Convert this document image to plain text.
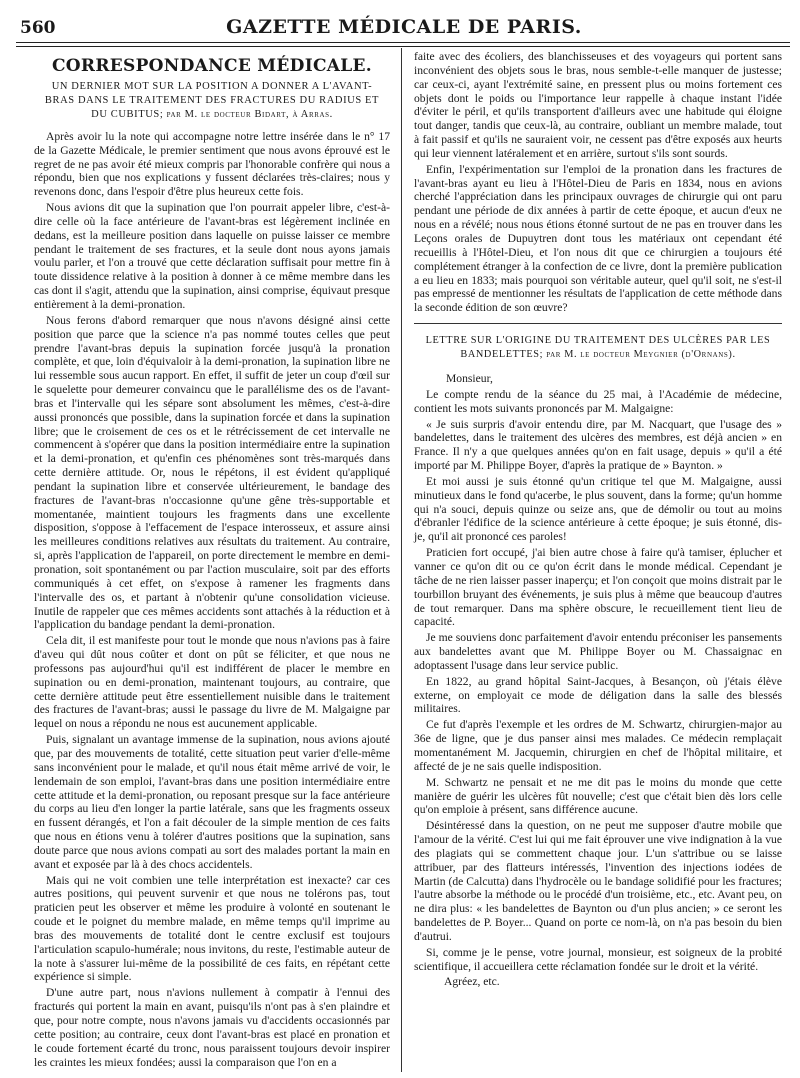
560	GAZETTE MÉDICALE DE PARIS.
CORRESPONDANCE MÉDICALE.
UN DERNIER MOT SUR LA POSITION A DONNER A L'AVANT-BRAS DANS LE TRAITEMENT DES FRACTURES DU RADIUS ET DU CUBITUS; par M. le docteur Bidart, à Arras.

Après avoir lu la note qui accompagne notre lettre insérée dans le n° 17 de la Gazette Médicale, le premier sentiment que nous avons éprouvé est le regret de ne pas avoir été mieux compris par l'honorable confrère qui nous a répondu, bien que nos explications y fussent déclarées très-claires; nous y revenons donc, dans l'espoir d'être plus heureux cette fois.

Nous avions dit que la supination que l'on pourrait appeler libre, c'est-à-dire celle où la face antérieure de l'avant-bras est légèrement inclinée en dedans, est la meilleure position dans laquelle on puisse laisser ce membre pendant le traitement de ses fractures, et la seule dont nous ayons jamais voulu parler, et l'on a trouvé que cette déclaration suffisait pour mettre fin à toute dissidence relative à la position à donner à ce même membre dans les cas dont il s'agit, attendu que la supination, ainsi comprise, équivaut presque entièrement à la demi-pronation.

Nous ferons d'abord remarquer que nous n'avons désigné ainsi cette position que parce que la science n'a pas nommé toutes celles que peut prendre l'avant-bras depuis la supination forcée jusqu'à la pronation complète, et que, loin d'équivaloir à la demi-pronation, la supination libre ne lui ressemble sous aucun rapport. En effet, il suffit de jeter un coup d'œil sur le squelette pour demeurer convaincu que le parallélisme des os de l'avant-bras et l'intervalle qui les sépare sont absolument les mêmes, c'est-à-dire aussi prononcés que possible, dans la supination forcée et dans la supination libre; que le croisement de ces os et le rétrécissement de cet intervalle ne commencent à s'opérer que dans la position intermédiaire entre la supination et la demi-pronation, et qu'enfin ces phénomènes sont très-marqués dans cette dernière attitude. Or, nous le répétons, il est évident qu'appliqué pendant la supination libre et conservée ultérieurement, le bandage des fractures de l'avant-bras n'occasionne qu'une gêne très-supportable et momentanée, maintient toujours les fragments dans une excellente disposition, s'oppose à l'effacement de l'espace interosseux, et assure ainsi les meilleures conditions relatives aux résultats du traitement. Au contraire, si, après l'application de l'appareil, on porte directement le membre en demi-pronation, soit spontanément ou par l'action musculaire, soit par des efforts communiqués à cet effet, on s'expose à ramener les fragments dans l'intervalle des os, et partant à n'obtenir qu'une consolidation vicieuse. Inutile de rappeler que ces mêmes accidents sont attachés à la réduction et à l'application du bandage pendant la demi-pronation.

Cela dit, il est manifeste pour tout le monde que nous n'avions pas à faire d'aveu qui dût nous coûter et dont on pût se féliciter, et que nous ne professons pas aujourd'hui qu'il est indifférent de placer le membre en supination ou en demi-pronation, maintenant toujours, au contraire, que cette dernière attitude peut être essentiellement nuisible dans le traitement des fractures de l'avant-bras; aussi le passage du livre de M. Malgaigne par lequel on nous a répondu ne nous est aucunement applicable.

Puis, signalant un avantage immense de la supination, nous avions ajouté que, par des mouvements de totalité, cette situation peut varier d'elle-même sans inconvénient pour le malade, et qu'il nous était même arrivé de voir, le lendemain de son emploi, l'avant-bras dans une position intermédiaire entre cette attitude et la demi-pronation, ou reposant presque sur la face antérieure du corps au lieu d'en longer la partie latérale, sans que les fragments osseux en fussent dérangés, et l'on a fait découler de la simple mention de ces faits que nous en étions venu à tolérer d'autres positions que la supination, sans doute parce que nous avions compati au sort des malades portant la main en avant et exposée par là à des chocs accidentels.

Mais qui ne voit combien une telle interprétation est inexacte? car ces autres positions, qui peuvent survenir et que nous ne tolérons pas, tout praticien peut les observer et même les produire à volonté en soutenant le coude et le poignet du membre malade, en même temps qu'il imprime au bras des mouvements de totalité dont le centre exclusif est toujours l'articulation scapulo-humérale; nous invitons, du reste, l'estimable auteur de la note à s'assurer lui-même de la possibilité de ces faits, en répétant cette expérience si simple.

D'une autre part, nous n'avions nullement à compatir à l'ennui des fracturés qui portent la main en avant, puisqu'ils n'ont pas à s'en plaindre et que, pour notre compte, nous n'avons jamais vu d'accidents occasionnés par cette position; au contraire, ceux dont l'avant-bras est placé en pronation et le coude fortement écarté du tronc, nous paraissent toujours devoir inspirer les craintes les mieux fondées; aussi la comparaison que l'on en a

faite avec des écoliers, des blanchisseuses et des voyageurs qui portent sans inconvénient des objets sous le bras, nous semble-t-elle manquer de justesse; car ceux-ci, ayant l'extrémité saine, en pressent plus ou moins fortement ces objets dont le poids ou l'importance leur rappelle à chaque instant l'idée d'éviter le péril, et qu'ils transportent d'ailleurs avec une habitude qui éloigne tout danger, tandis que ceux-là, au contraire, oubliant un membre malade, tout à fait passif et qu'ils ne sauraient voir, ne cessent pas d'être exposés aux heurts qui leur viennent latéralement et en arrière, surtout s'ils sont sourds.

Enfin, l'expérimentation sur l'emploi de la pronation dans les fractures de l'avant-bras ayant eu lieu à l'Hôtel-Dieu de Paris en 1834, nous en avions cherché l'appréciation dans les principaux ouvrages de chirurgie qui ont paru pendant une période de dix années à partir de cette époque, et aucun d'eux ne nous en a révélé; nous nous étions étonné surtout de ne pas en trouver dans les Leçons orales de Dupuytren dont tous les matériaux ont cependant été recueillis à l'Hôtel-Dieu, et l'on nous dit que ce chirurgien a toujours été complétement étranger à la confection de ce livre, dont la première publication a eu lieu en 1833; mais pourquoi son véritable auteur, quel qu'il soit, ne s'est-il pas empressé de mentionner les résultats de l'application de cette méthode dans la seconde édition de son œuvre?

LETTRE SUR L'ORIGINE DU TRAITEMENT DES ULCÈRES PAR LES BANDELETTES; par M. le docteur Meygnier (d'Ornans).

Monsieur,

Le compte rendu de la séance du 25 mai, à l'Académie de médecine, contient les mots suivants prononcés par M. Malgaigne:

« Je suis surpris d'avoir entendu dire, par M. Nacquart, que l'usage des » bandelettes, dans le traitement des ulcères des membres, est déjà ancien » en France. Il n'y a que quelques années qu'on en fait usage, depuis » qu'il a été importé par M. Philippe Boyer, d'après la pratique de » Baynton. »

Et moi aussi je suis étonné qu'un critique tel que M. Malgaigne, aussi minutieux dans le fond qu'acerbe, le plus souvent, dans la forme; qu'un homme qui n'a souci, depuis quinze ou seize ans, que de démolir ou tout au moins d'ébranler l'édifice de la science antérieure à cette époque; je suis étonné, dis-je, qu'il ait prononcé ces paroles!

Praticien fort occupé, j'ai bien autre chose à faire qu'à tamiser, éplucher et vanner ce qu'on dit ou ce qu'on écrit dans le monde médical. Cependant je tâche de ne rien laisser passer inaperçu; et l'on conçoit que moins distrait par le tourbillon bruyant des événements, je suis plus à même que beaucoup d'autres de tout remarquer. Dans ma sphère obscure, le recueillement tient lieu de capacité.

Je me souviens donc parfaitement d'avoir entendu préconiser les pansements aux bandelettes avant que M. Philippe Boyer ou M. Chassaignac en adoptassent l'usage dans leur service public.

En 1822, au grand hôpital Saint-Jacques, à Besançon, où j'étais élève externe, on employait ce mode de déligation dans la salle des blessés militaires.

Ce fut d'après l'exemple et les ordres de M. Schwartz, chirurgien-major au 36e de ligne, que je dus panser ainsi mes malades. Ce médecin remplaçait momentanément M. Jacquemin, chirurgien en chef de l'hôpital militaire, et affecté de je ne sais quelle indisposition.

M. Schwartz ne pensait et ne me dit pas le moins du monde que cette manière de guérir les ulcères fût nouvelle; c'est que c'était bien dès lors celle qu'on emploie à présent, sans différence aucune.

Désintéressé dans la question, on ne peut me supposer d'autre mobile que l'amour de la vérité. C'est lui qui me fait éprouver une vive indignation à la vue des plagiats qui se commettent chaque jour. L'un s'attribue ou se laisse attribuer, par des flatteurs intéressés, l'invention des injections iodées de Martin (de Calcutta) dans l'hydrocèle ou le bandage solidifié pour les fractures; l'autre absorbe la méthode ou le procédé d'un troisième, etc., etc. Avant peu, on ne dira plus: « les bandelettes de Baynton ou d'un plus ancien; » ce seront les bandelettes de P. Boyer... Quand on porte ce nom-là, on n'a pas besoin du bien d'autrui.

Si, comme je le pense, votre journal, monsieur, est soigneux de la probité scientifique, il accueillera cette réclamation fondée sur le droit et la vérité.

Agréez, etc.
